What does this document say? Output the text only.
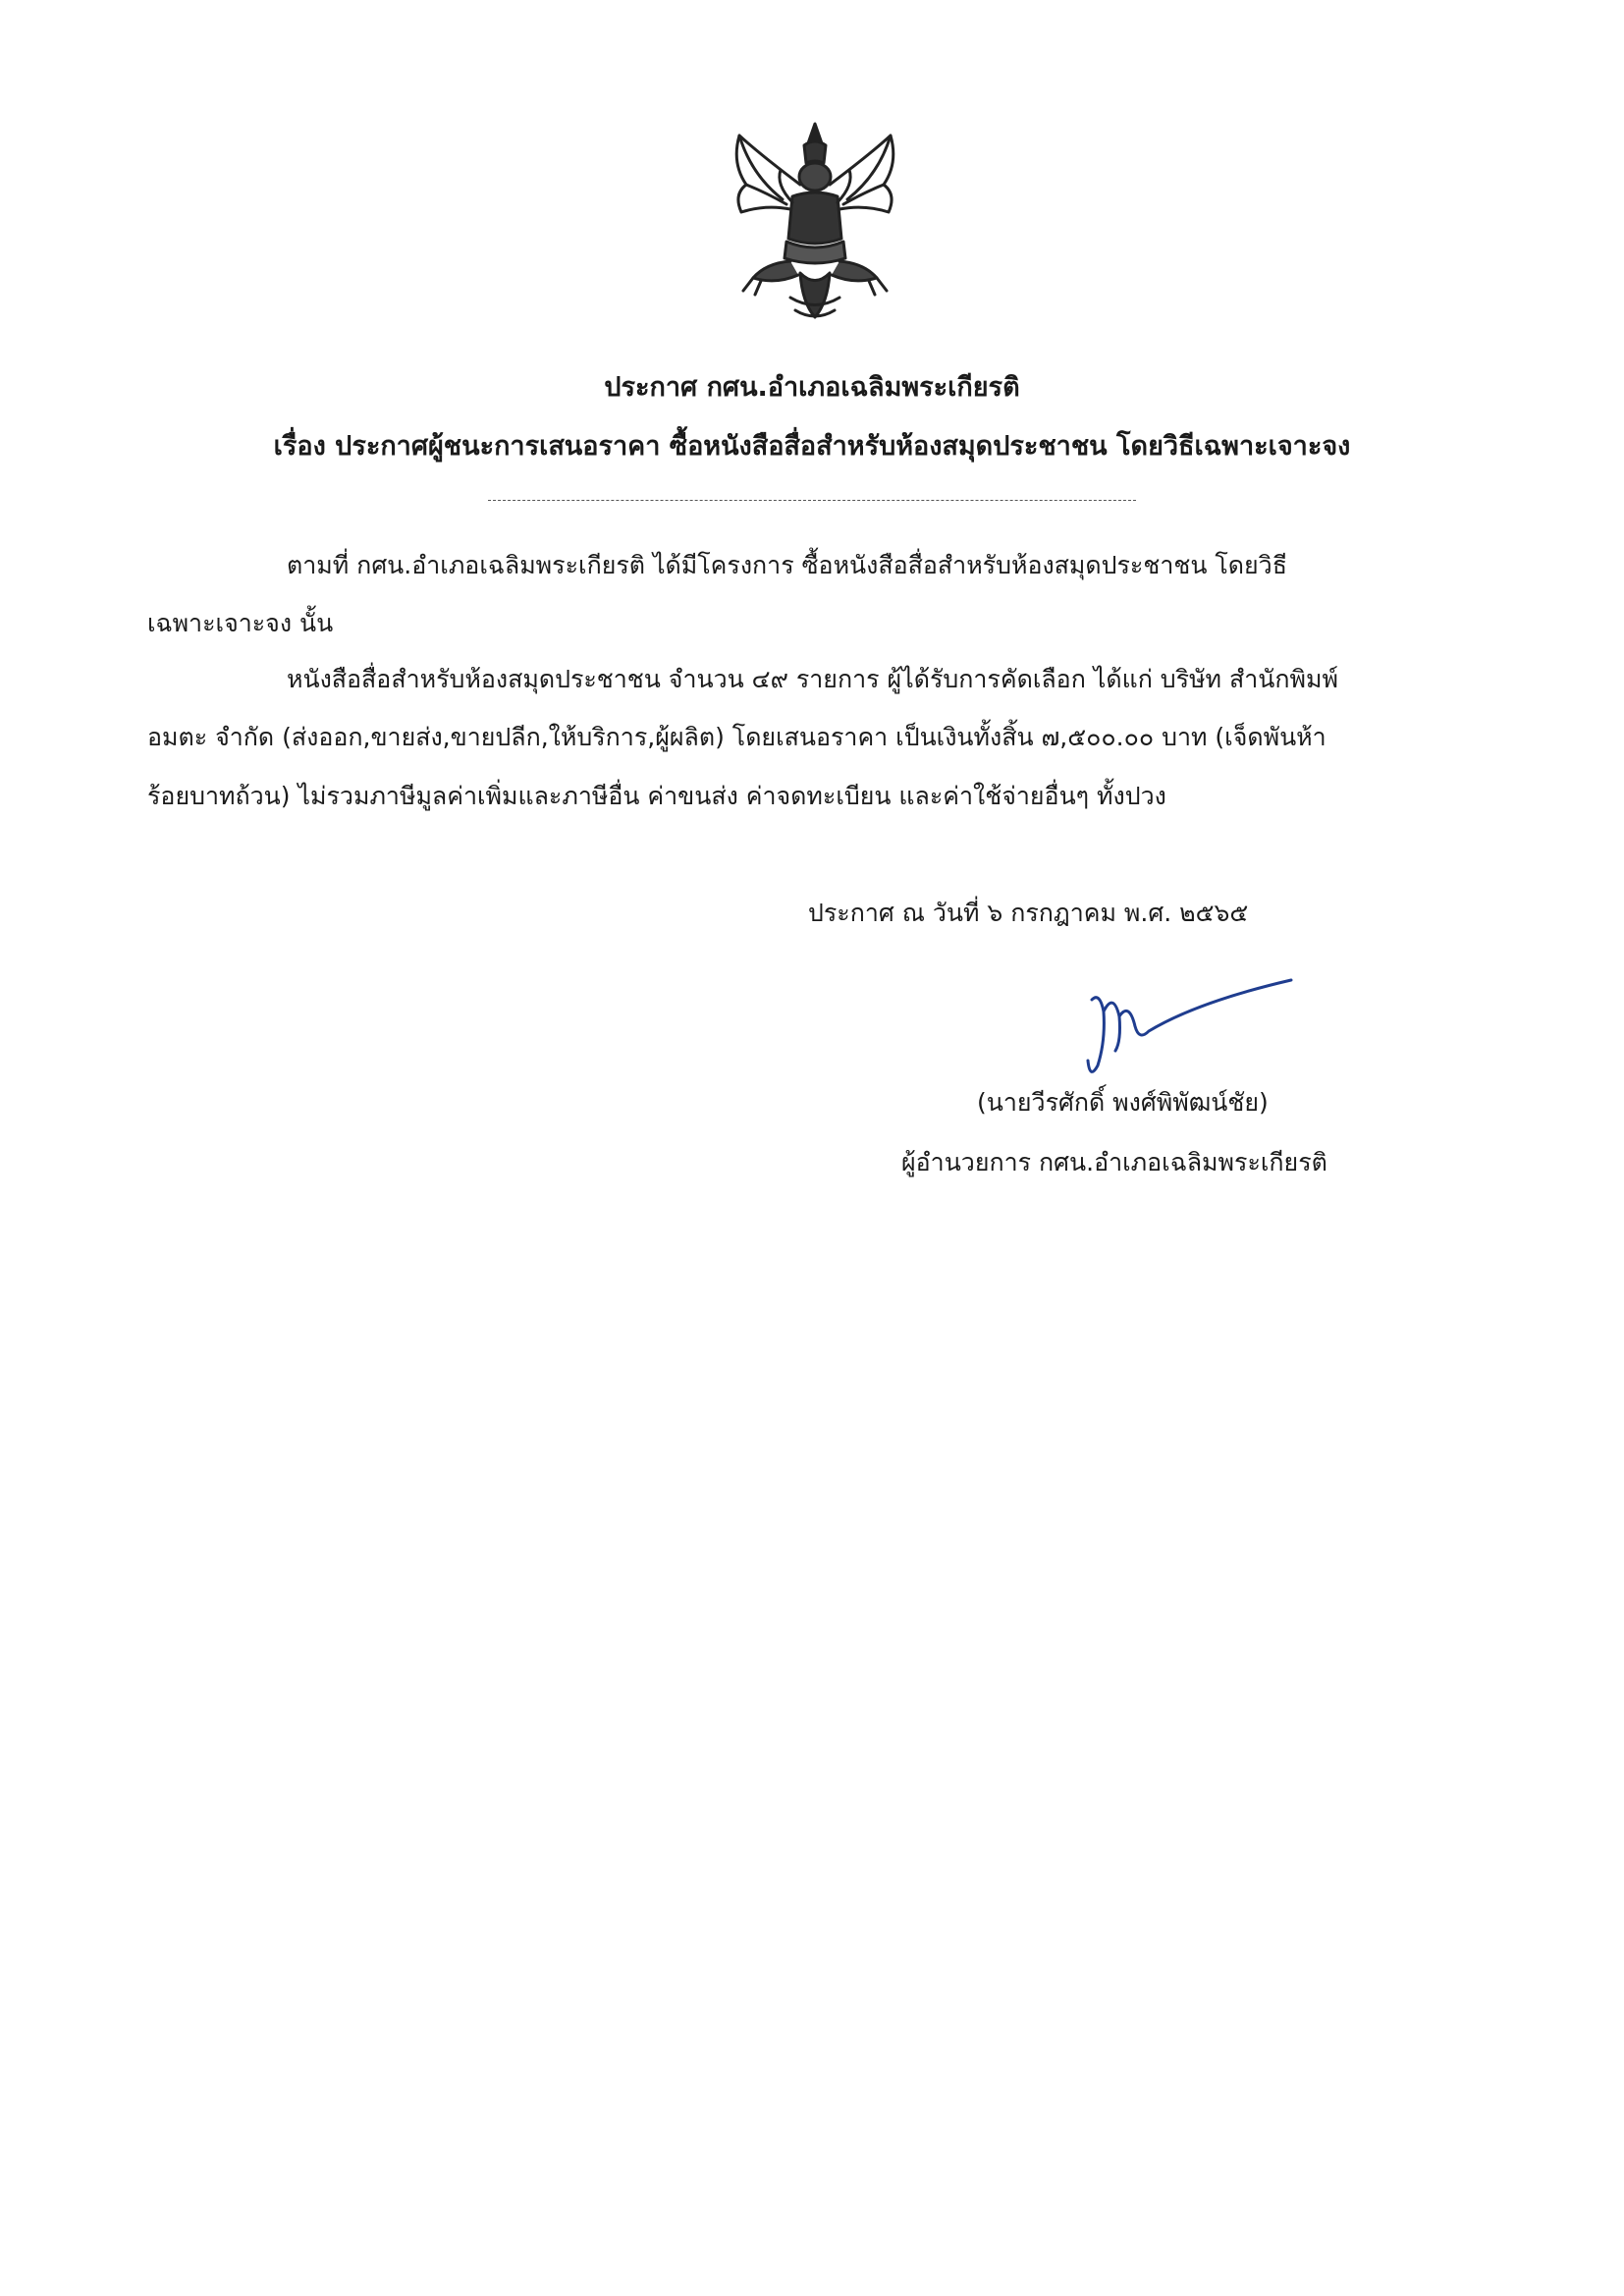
ประกาศ กศน.อำเภอเฉลิมพระเกียรติ
เรื่อง ประกาศผู้ชนะการเสนอราคา ซื้อหนังสือสื่อสำหรับห้องสมุดประชาชน โดยวิธีเฉพาะเจาะจง
ตามที่ กศน.อำเภอเฉลิมพระเกียรติ ได้มีโครงการ ซื้อหนังสือสื่อสำหรับห้องสมุดประชาชน โดยวิธี
เฉพาะเจาะจง นั้น
หนังสือสื่อสำหรับห้องสมุดประชาชน จำนวน ๔๙ รายการ ผู้ได้รับการคัดเลือก ได้แก่ บริษัท สำนักพิมพ์
อมตะ จำกัด (ส่งออก,ขายส่ง,ขายปลีก,ให้บริการ,ผู้ผลิต) โดยเสนอราคา เป็นเงินทั้งสิ้น ๗,๕๐๐.๐๐ บาท (เจ็ดพันห้า
ร้อยบาทถ้วน) ไม่รวมภาษีมูลค่าเพิ่มและภาษีอื่น ค่าขนส่ง ค่าจดทะเบียน และค่าใช้จ่ายอื่นๆ ทั้งปวง
ประกาศ ณ วันที่ ๖ กรกฎาคม พ.ศ. ๒๕๖๕
(นายวีรศักดิ์ พงศ์พิพัฒน์ชัย)
ผู้อำนวยการ กศน.อำเภอเฉลิมพระเกียรติ
